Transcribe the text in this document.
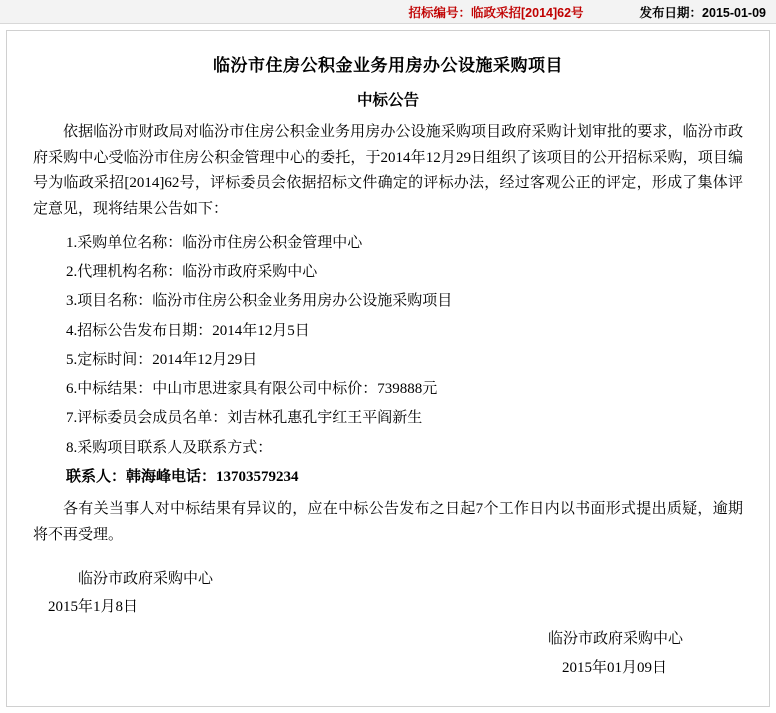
招标编号：临政采招[2014]62号	发布日期：2015-01-09
临汾市住房公积金业务用房办公设施采购项目
中标公告

依据临汾市财政局对临汾市住房公积金业务用房办公设施采购项目政府采购计划审批的要求，临汾市政府采购中心受临汾市住房公积金管理中心的委托，于2014年12月29日组织了该项目的公开招标采购，项目编号为临政采招[2014]62号，评标委员会依据招标文件确定的评标办法，经过客观公正的评定，形成了集体评定意见，现将结果公告如下：

1.采购单位名称：临汾市住房公积金管理中心
2.代理机构名称：临汾市政府采购中心
3.项目名称：临汾市住房公积金业务用房办公设施采购项目
4.招标公告发布日期：2014年12月5日
5.定标时间：2014年12月29日
6.中标结果：中山市思进家具有限公司中标价：739888元
7.评标委员会成员名单：刘吉林孔惠孔宇红王平阎新生
8.采购项目联系人及联系方式：

联系人：韩海峰电话：13703579234

各有关当事人对中标结果有异议的，应在中标公告发布之日起7个工作日内以书面形式提出质疑，逾期将不再受理。

临汾市政府采购中心
2015年1月8日
临汾市政府采购中心
2015年01月09日
